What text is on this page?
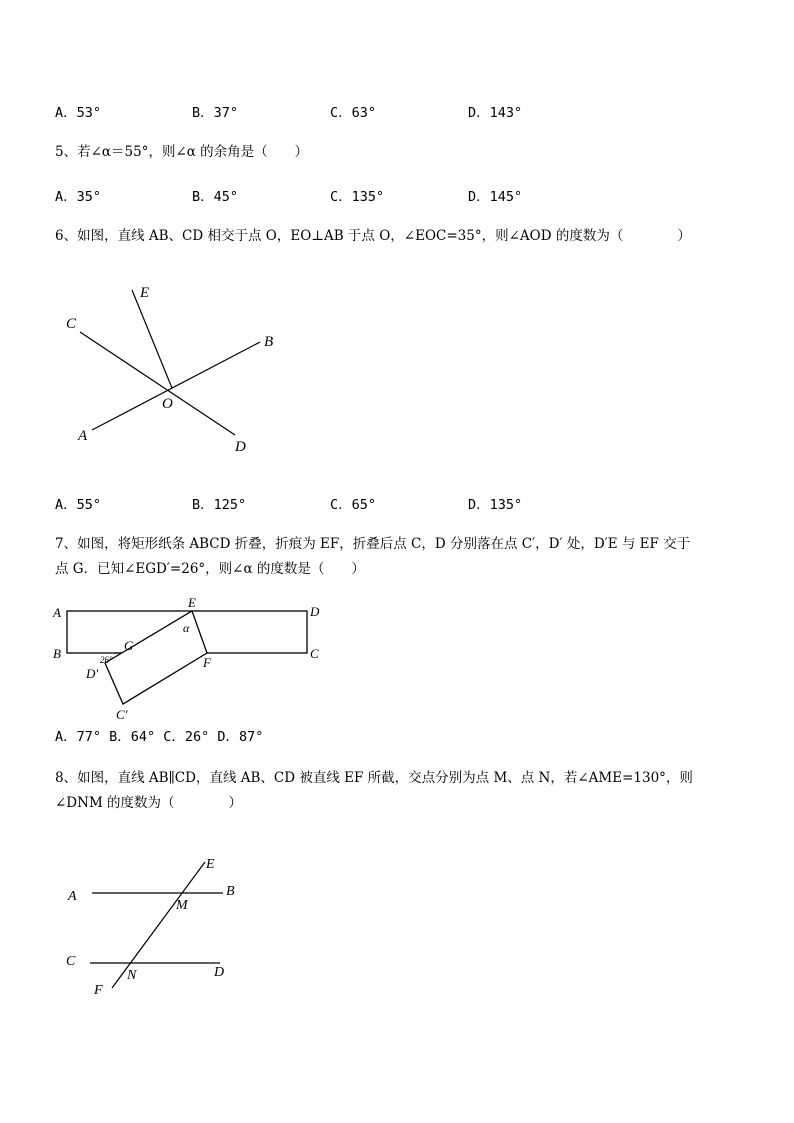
A．53°	B．37°	C．63°	D．143°
5、若∠α＝55°，则∠α 的余角是（　　）
A．35°	B．45°	C．135°	D．145°
6、如图，直线 AB、CD 相交于点 O，EO⊥AB 于点 O，∠EOC=35°，则∠AOD 的度数为（　　　　）
E
C
B
O
A
D
A．55°	B．125°	C．65°	D．135°
7、如图，将矩形纸条 ABCD 折叠，折痕为 EF，折叠后点 C，D 分别落在点 C′，D′ 处，D′E 与 EF 交于
点 G．已知∠EGD′=26°，则∠α 的度数是（　　）
A
B
E
D
C
G
F
D′
C′
α
26°
A．77° B．64° C．26° D．87°
8、如图，直线 AB∥CD，直线 AB、CD 被直线 EF 所截，交点分别为点 M、点 N，若∠AME=130°，则
∠DNM 的度数为（　　　　）
A	B
E
M
C
D
N
F
